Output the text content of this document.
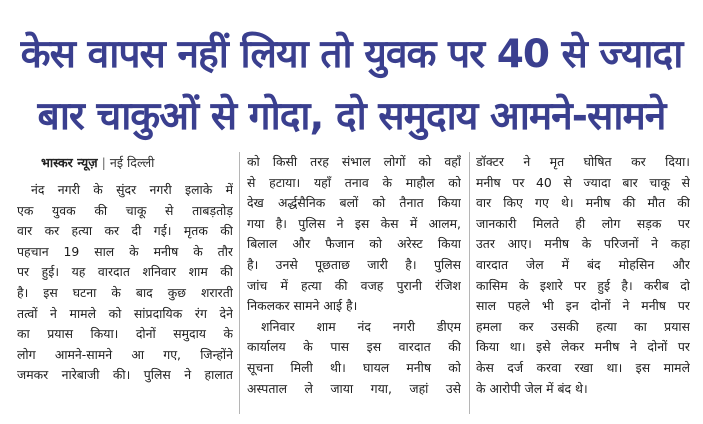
केस वापस नहीं लिया तो युवक पर 40 से ज्यादा
बार चाकुओं से गोदा, दो समुदाय आमने-सामने
भास्कर न्यूज़ | नई दिल्ली
नंद नगरी के सुंदर नगरी इलाके में
एक युवक की चाकू से ताबड़तोड़
वार कर हत्या कर दी गई। मृतक की
पहचान 19 साल के मनीष के तौर
पर हुई। यह वारदात शनिवार शाम की
है। इस घटना के बाद कुछ शरारती
तत्वों ने मामले को सांप्रदायिक रंग देने
का प्रयास किया। दोनों समुदाय के
लोग आमने-सामने आ गए, जिन्होंने
जमकर नारेबाजी की। पुलिस ने हालात
को किसी तरह संभाल लोगों को वहाँ
से हटाया। यहाँ तनाव के माहौल को
देख अर्द्धसैनिक बलों को तैनात किया
गया है। पुलिस ने इस केस में आलम,
बिलाल और फैजान को अरेस्ट किया
है। उनसे पूछताछ जारी है। पुलिस
जांच में हत्या की वजह पुरानी रंजिश
निकलकर सामने आई है।
शनिवार शाम नंद नगरी डीएम
कार्यालय के पास इस वारदात की
सूचना मिली थी। घायल मनीष को
अस्पताल ले जाया गया, जहां उसे
डॉक्टर ने मृत घोषित कर दिया।
मनीष पर 40 से ज्यादा बार चाकू से
वार किए गए थे। मनीष की मौत की
जानकारी मिलते ही लोग सड़क पर
उतर आए। मनीष के परिजनों ने कहा
वारदात जेल में बंद मोहसिन और
कासिम के इशारे पर हुई है। करीब दो
साल पहले भी इन दोनों ने मनीष पर
हमला कर उसकी हत्या का प्रयास
किया था। इसे लेकर मनीष ने दोनों पर
केस दर्ज करवा रखा था। इस मामले
के आरोपी जेल में बंद थे।
